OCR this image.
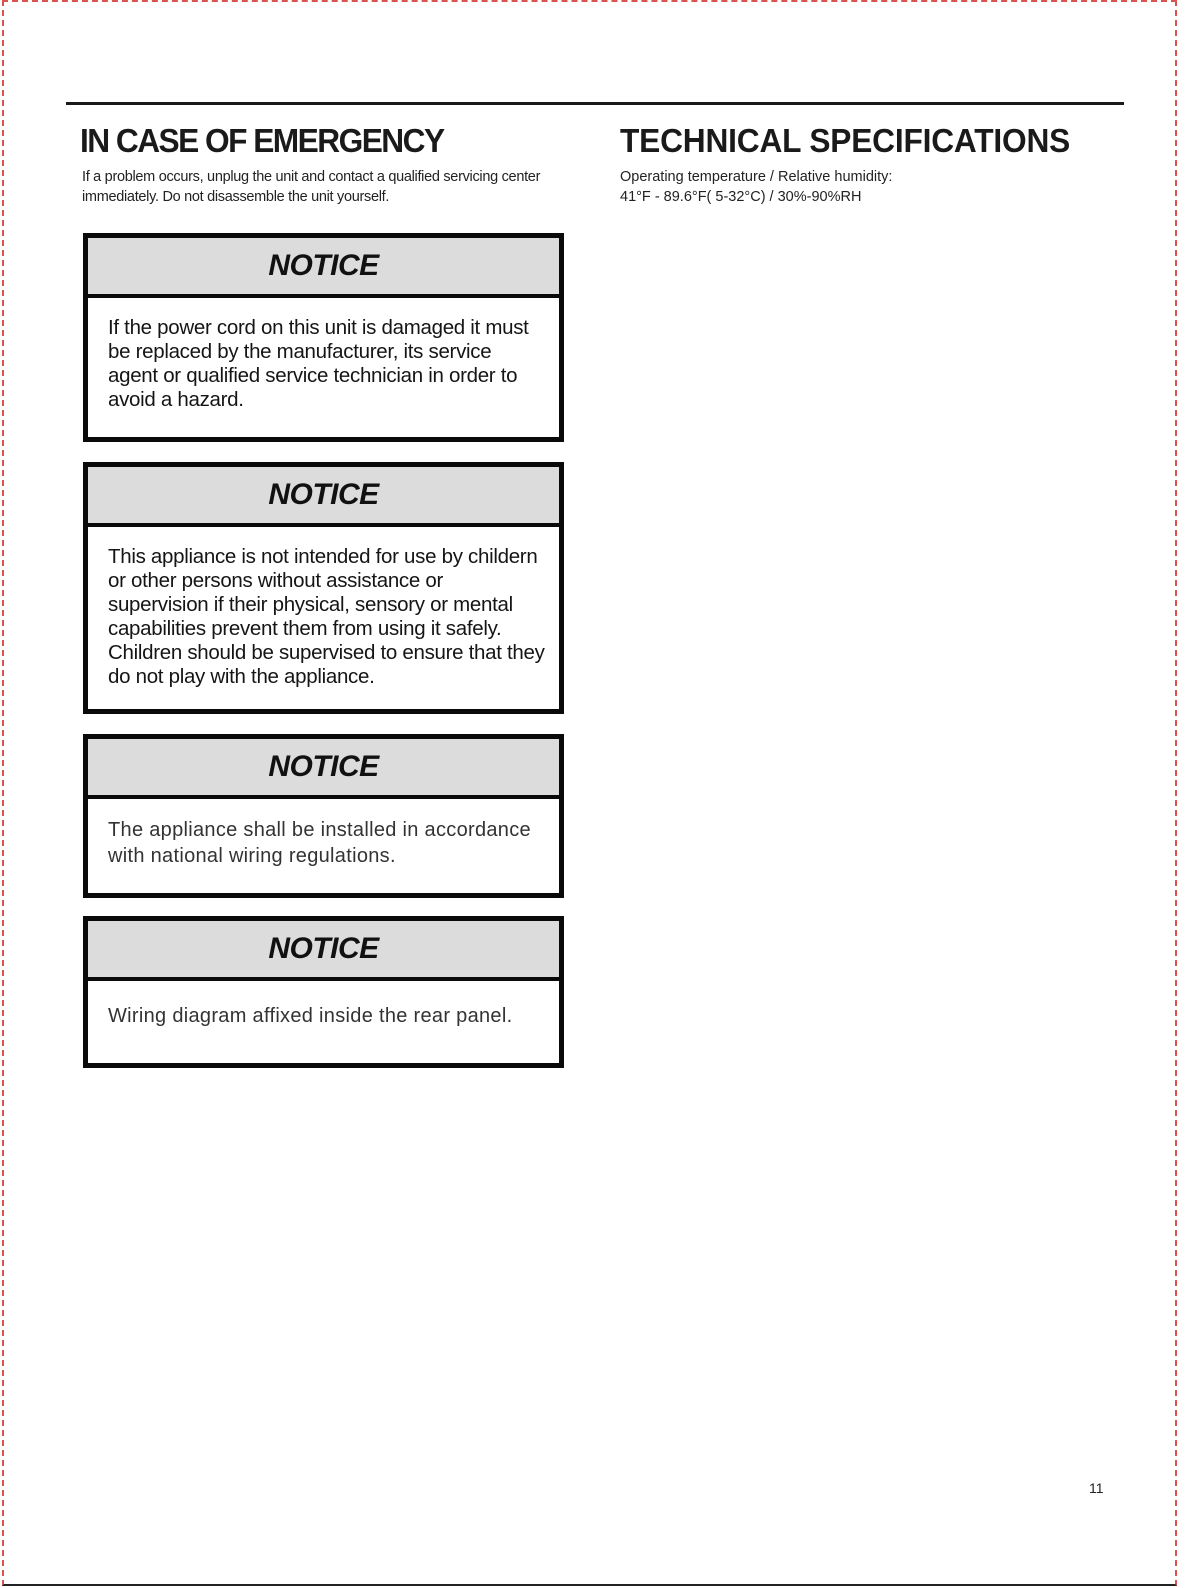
IN CASE OF EMERGENCY

If a problem occurs, unplug the unit and contact a qualified servicing center immediately. Do not disassemble the unit yourself.

TECHNICAL SPECIFICATIONS
Operating temperature / Relative humidity:
41°F - 89.6°F( 5-32°C) / 30%-90%RH
NOTICE
If the power cord on this unit is damaged it must be replaced by the manufacturer, its service agent or qualified service technician in order to avoid a hazard.
NOTICE
This appliance is not intended for use by childern or other persons without assistance or supervision if their physical, sensory or mental capabilities prevent them from using it safely. Children should be supervised to ensure that they do not play with the appliance.
NOTICE
The appliance shall be installed in accordance with national wiring regulations.
NOTICE
Wiring diagram affixed inside the rear panel.
11
